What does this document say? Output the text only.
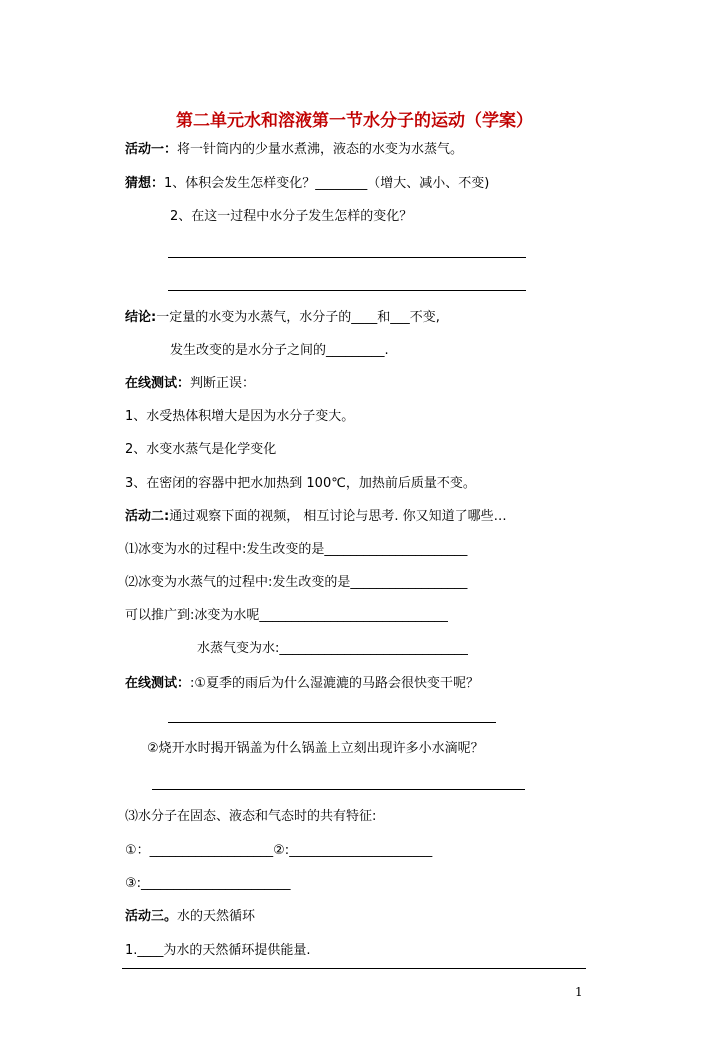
第二单元水和溶液第一节水分子的运动（学案）
活动一：将一针筒内的少量水煮沸，液态的水变为水蒸气。
猜想：1、体积会发生怎样变化？________（增大、减小、不变)
2、在这一过程中水分子发生怎样的变化？
结论:一定量的水变为水蒸气，水分子的____和___不变,
发生改变的是水分子之间的_________.
在线测试：判断正误：
1、水受热体积增大是因为水分子变大。
2、水变水蒸气是化学变化
3、在密闭的容器中把水加热到 100℃，加热前后质量不变。
活动二:通过观察下面的视频， 相互讨论与思考. 你又知道了哪些…
⑴冰变为水的过程中:发生改变的是______________________
⑵冰变为水蒸气的过程中:发生改变的是__________________
可以推广到:冰变为水呢_____________________________
水蒸气变为水:_____________________________
在线测试：:①夏季的雨后为什么湿漉漉的马路会很快变干呢？
②烧开水时揭开锅盖为什么锅盖上立刻出现许多小水滴呢？
⑶水分子在固态、液态和气态时的共有特征:
①：___________________②:______________________
③:_______________________
活动三。水的天然循环
1.____为水的天然循环提供能量.
1
